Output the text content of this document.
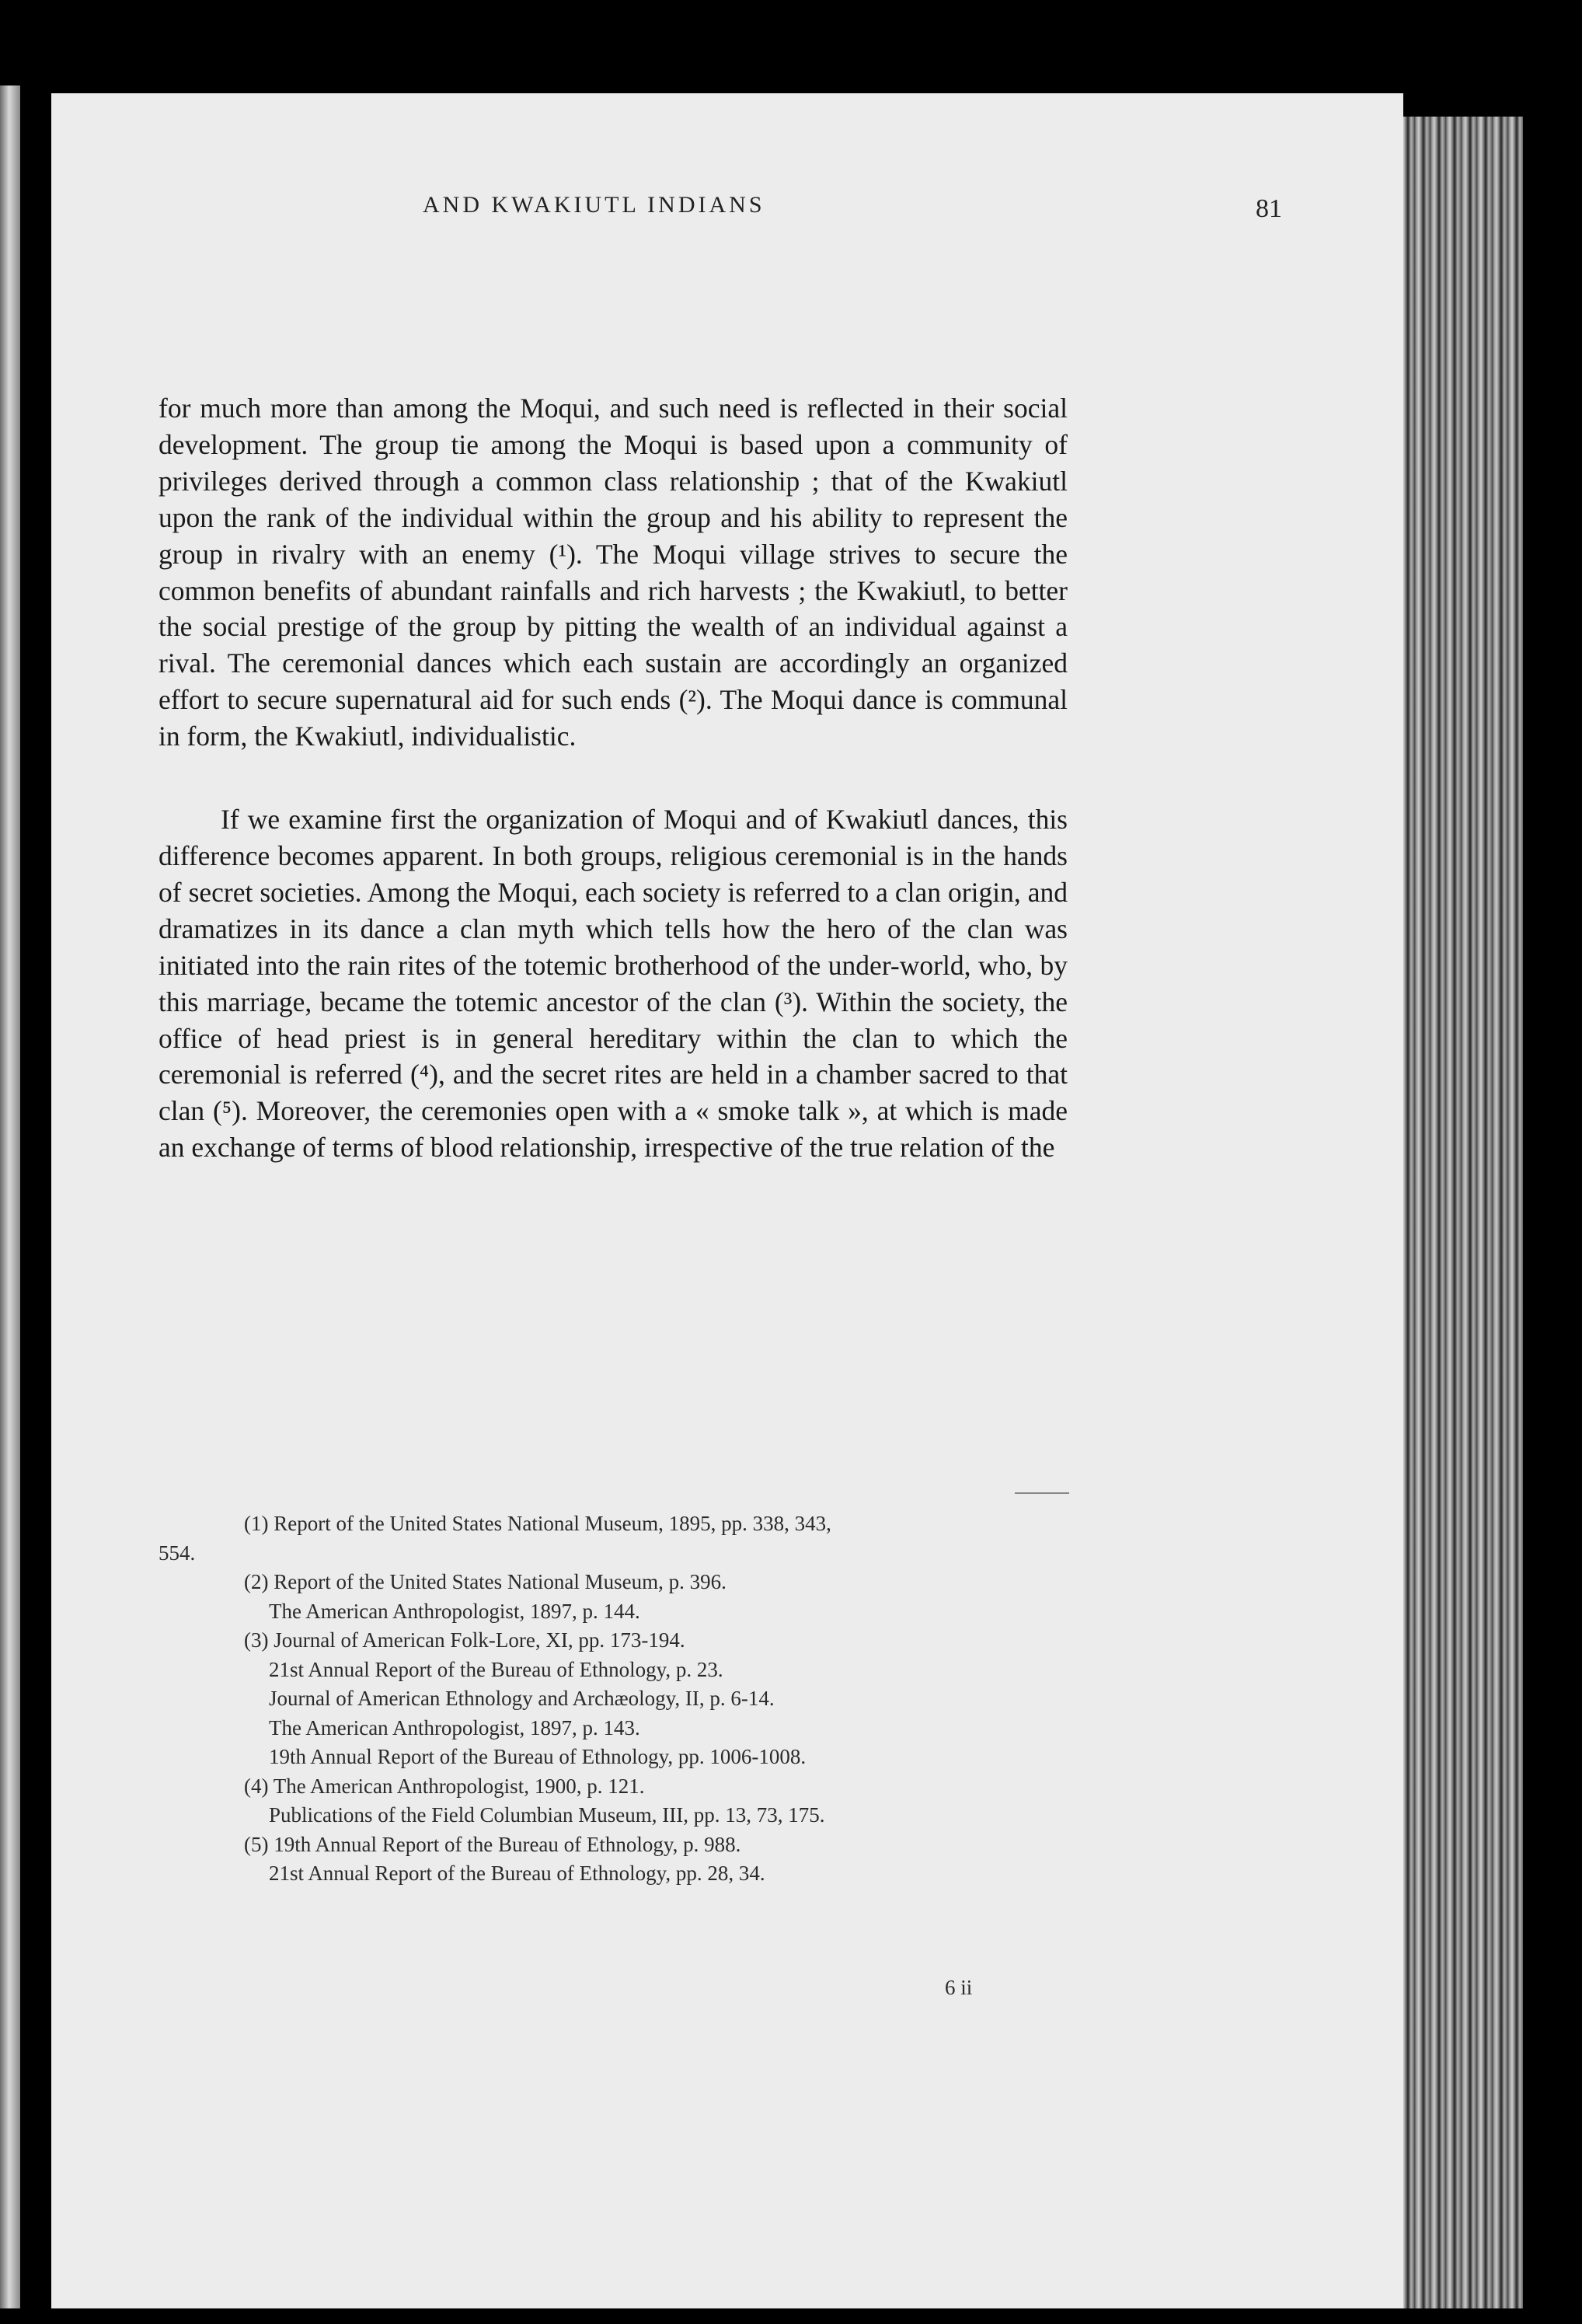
AND KWAKIUTL INDIANS	81

for much more than among the Moqui, and such need is reflected in their social development. The group tie among the Moqui is based upon a community of privileges derived through a common class relationship ; that of the Kwakiutl upon the rank of the individual within the group and his ability to represent the group in rivalry with an enemy (¹). The Moqui village strives to secure the common benefits of abundant rainfalls and rich harvests ; the Kwakiutl, to better the social prestige of the group by pitting the wealth of an individual against a rival. The ceremonial dances which each sustain are accordingly an organized effort to secure supernatural aid for such ends (²). The Moqui dance is communal in form, the Kwakiutl, individualistic.

If we examine first the organization of Moqui and of Kwakiutl dances, this difference becomes apparent. In both groups, religious ceremonial is in the hands of secret societies. Among the Moqui, each society is referred to a clan origin, and dramatizes in its dance a clan myth which tells how the hero of the clan was initiated into the rain rites of the totemic brotherhood of the under-world, who, by this marriage, became the totemic ancestor of the clan (³). Within the society, the office of head priest is in general hereditary within the clan to which the ceremonial is referred (⁴), and the secret rites are held in a chamber sacred to that clan (⁵). Moreover, the ceremonies open with a « smoke talk », at which is made an exchange of terms of blood relationship, irrespective of the true relation of the

(1) Report of the United States National Museum, 1895, pp. 338, 343,
554.
(2) Report of the United States National Museum, p. 396.
The American Anthropologist, 1897, p. 144.
(3) Journal of American Folk-Lore, XI, pp. 173-194.
21st Annual Report of the Bureau of Ethnology, p. 23.
Journal of American Ethnology and Archæology, II, p. 6-14.
The American Anthropologist, 1897, p. 143.
19th Annual Report of the Bureau of Ethnology, pp. 1006-1008.
(4) The American Anthropologist, 1900, p. 121.
Publications of the Field Columbian Museum, III, pp. 13, 73, 175.
(5) 19th Annual Report of the Bureau of Ethnology, p. 988.
21st Annual Report of the Bureau of Ethnology, pp. 28, 34.
6 ii
